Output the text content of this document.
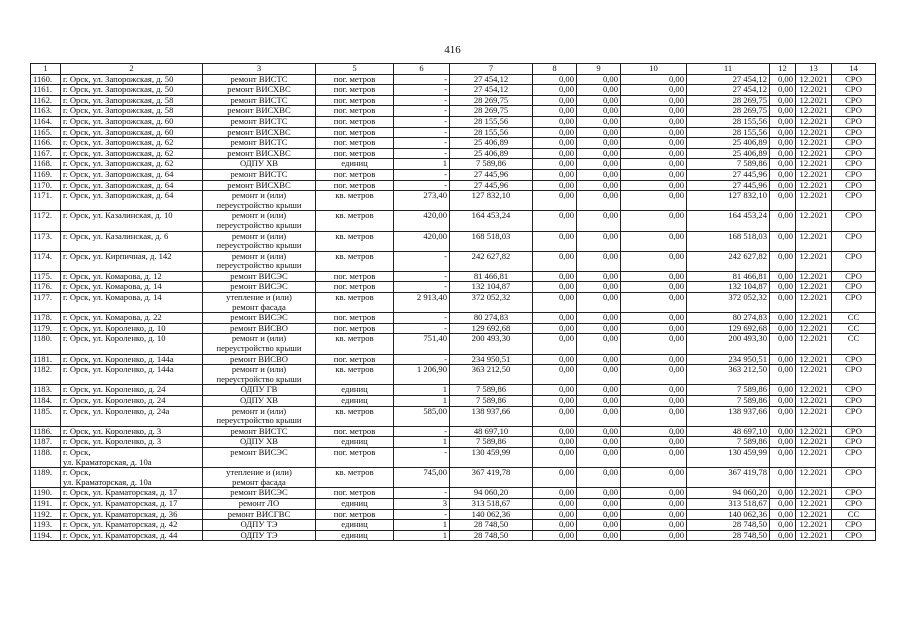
416
1	2	3	5	6	7	8	9	10	11	12	13	14
1160.	г. Орск, ул. Запорожская, д. 50	ремонт ВИСТС	пог. метров	-	27 454,12	0,00	0,00	0,00	27 454,12	0,00	12.2021	СРО
1161.	г. Орск, ул. Запорожская, д. 50	ремонт ВИСХВС	пог. метров	-	27 454,12	0,00	0,00	0,00	27 454,12	0,00	12.2021	СРО
1162.	г. Орск, ул. Запорожская, д. 58	ремонт ВИСТС	пог. метров	-	28 269,75	0,00	0,00	0,00	28 269,75	0,00	12.2021	СРО
1163.	г. Орск, ул. Запорожская, д. 58	ремонт ВИСХВС	пог. метров	-	28 269,75	0,00	0,00	0,00	28 269,75	0,00	12.2021	СРО
1164.	г. Орск, ул. Запорожская, д. 60	ремонт ВИСТС	пог. метров	-	28 155,56	0,00	0,00	0,00	28 155,56	0,00	12.2021	СРО
1165.	г. Орск, ул. Запорожская, д. 60	ремонт ВИСХВС	пог. метров	-	28 155,56	0,00	0,00	0,00	28 155,56	0,00	12.2021	СРО
1166.	г. Орск, ул. Запорожская, д. 62	ремонт ВИСТС	пог. метров	-	25 406,89	0,00	0,00	0,00	25 406,89	0,00	12.2021	СРО
1167.	г. Орск, ул. Запорожская, д. 62	ремонт ВИСХВС	пог. метров	-	25 406,89	0,00	0,00	0,00	25 406,89	0,00	12.2021	СРО
1168.	г. Орск, ул. Запорожская, д. 62	ОДПУ ХВ	единиц	1	7 589,86	0,00	0,00	0,00	7 589,86	0,00	12.2021	СРО
1169.	г. Орск, ул. Запорожская, д. 64	ремонт ВИСТС	пог. метров	-	27 445,96	0,00	0,00	0,00	27 445,96	0,00	12.2021	СРО
1170.	г. Орск, ул. Запорожская, д. 64	ремонт ВИСХВС	пог. метров	-	27 445,96	0,00	0,00	0,00	27 445,96	0,00	12.2021	СРО
1171.	г. Орск, ул. Запорожская, д. 64	ремонт и (или)
переустройство крыши	кв. метров	273,40	127 832,10	0,00	0,00	0,00	127 832,10	0,00	12.2021	СРО
1172.	г. Орск, ул. Казалинская, д. 10	ремонт и (или)
переустройство крыши	кв. метров	420,00	164 453,24	0,00	0,00	0,00	164 453,24	0,00	12.2021	СРО
1173.	г. Орск, ул. Казалинская, д. 6	ремонт и (или)
переустройство крыши	кв. метров	420,00	168 518,03	0,00	0,00	0,00	168 518,03	0,00	12.2021	СРО
1174.	г. Орск, ул. Кирпичная, д. 142	ремонт и (или)
переустройство крыши	кв. метров	-	242 627,82	0,00	0,00	0,00	242 627,82	0,00	12.2021	СРО
1175.	г. Орск, ул. Комарова, д. 12	ремонт ВИСЭС	пог. метров	-	81 466,81	0,00	0,00	0,00	81 466,81	0,00	12.2021	СРО
1176.	г. Орск, ул. Комарова, д. 14	ремонт ВИСЭС	пог. метров	-	132 104,87	0,00	0,00	0,00	132 104,87	0,00	12.2021	СРО
1177.	г. Орск, ул. Комарова, д. 14	утепление и (или)
ремонт фасада	кв. метров	2 913,40	372 052,32	0,00	0,00	0,00	372 052,32	0,00	12.2021	СРО
1178.	г. Орск, ул. Комарова, д. 22	ремонт ВИСЭС	пог. метров	-	80 274,83	0,00	0,00	0,00	80 274,83	0,00	12.2021	СС
1179.	г. Орск, ул. Короленко, д. 10	ремонт ВИСВО	пог. метров	-	129 692,68	0,00	0,00	0,00	129 692,68	0,00	12.2021	СС
1180.	г. Орск, ул. Короленко, д. 10	ремонт и (или)
переустройство крыши	кв. метров	751,40	200 493,30	0,00	0,00	0,00	200 493,30	0,00	12.2021	СС
1181.	г. Орск, ул. Короленко, д. 144а	ремонт ВИСВО	пог. метров	-	234 950,51	0,00	0,00	0,00	234 950,51	0,00	12.2021	СРО
1182.	г. Орск, ул. Короленко, д. 144а	ремонт и (или)
переустройство крыши	кв. метров	1 206,90	363 212,50	0,00	0,00	0,00	363 212,50	0,00	12.2021	СРО
1183.	г. Орск, ул. Короленко, д. 24	ОДПУ ГВ	единиц	1	7 589,86	0,00	0,00	0,00	7 589,86	0,00	12.2021	СРО
1184.	г. Орск, ул. Короленко, д. 24	ОДПУ ХВ	единиц	1	7 589,86	0,00	0,00	0,00	7 589,86	0,00	12.2021	СРО
1185.	г. Орск, ул. Короленко, д. 24а	ремонт и (или)
переустройство крыши	кв. метров	585,00	138 937,66	0,00	0,00	0,00	138 937,66	0,00	12.2021	СРО
1186.	г. Орск, ул. Короленко, д. 3	ремонт ВИСТС	пог. метров	-	48 697,10	0,00	0,00	0,00	48 697,10	0,00	12.2021	СРО
1187.	г. Орск, ул. Короленко, д. 3	ОДПУ ХВ	единиц	1	7 589,86	0,00	0,00	0,00	7 589,86	0,00	12.2021	СРО
1188.	г. Орск,
ул. Краматорская, д. 10а	ремонт ВИСЭС	пог. метров	-	130 459,99	0,00	0,00	0,00	130 459,99	0,00	12.2021	СРО
1189.	г. Орск,
ул. Краматорская, д. 10а	утепление и (или)
ремонт фасада	кв. метров	745,00	367 419,78	0,00	0,00	0,00	367 419,78	0,00	12.2021	СРО
1190.	г. Орск, ул. Краматорская, д. 17	ремонт ВИСЭС	пог. метров	-	94 060,20	0,00	0,00	0,00	94 060,20	0,00	12.2021	СРО
1191.	г. Орск, ул. Краматорская, д. 17	ремонт ЛО	единиц	3	313 518,67	0,00	0,00	0,00	313 518,67	0,00	12.2021	СРО
1192.	г. Орск, ул. Краматорская, д. 36	ремонт ВИСГВС	пог. метров	-	140 062,36	0,00	0,00	0,00	140 062,36	0,00	12.2021	СС
1193.	г. Орск, ул. Краматорская, д. 42	ОДПУ ТЭ	единиц	1	28 748,50	0,00	0,00	0,00	28 748,50	0,00	12.2021	СРО
1194.	г. Орск, ул. Краматорская, д. 44	ОДПУ ТЭ	единиц	1	28 748,50	0,00	0,00	0,00	28 748,50	0,00	12.2021	СРО
